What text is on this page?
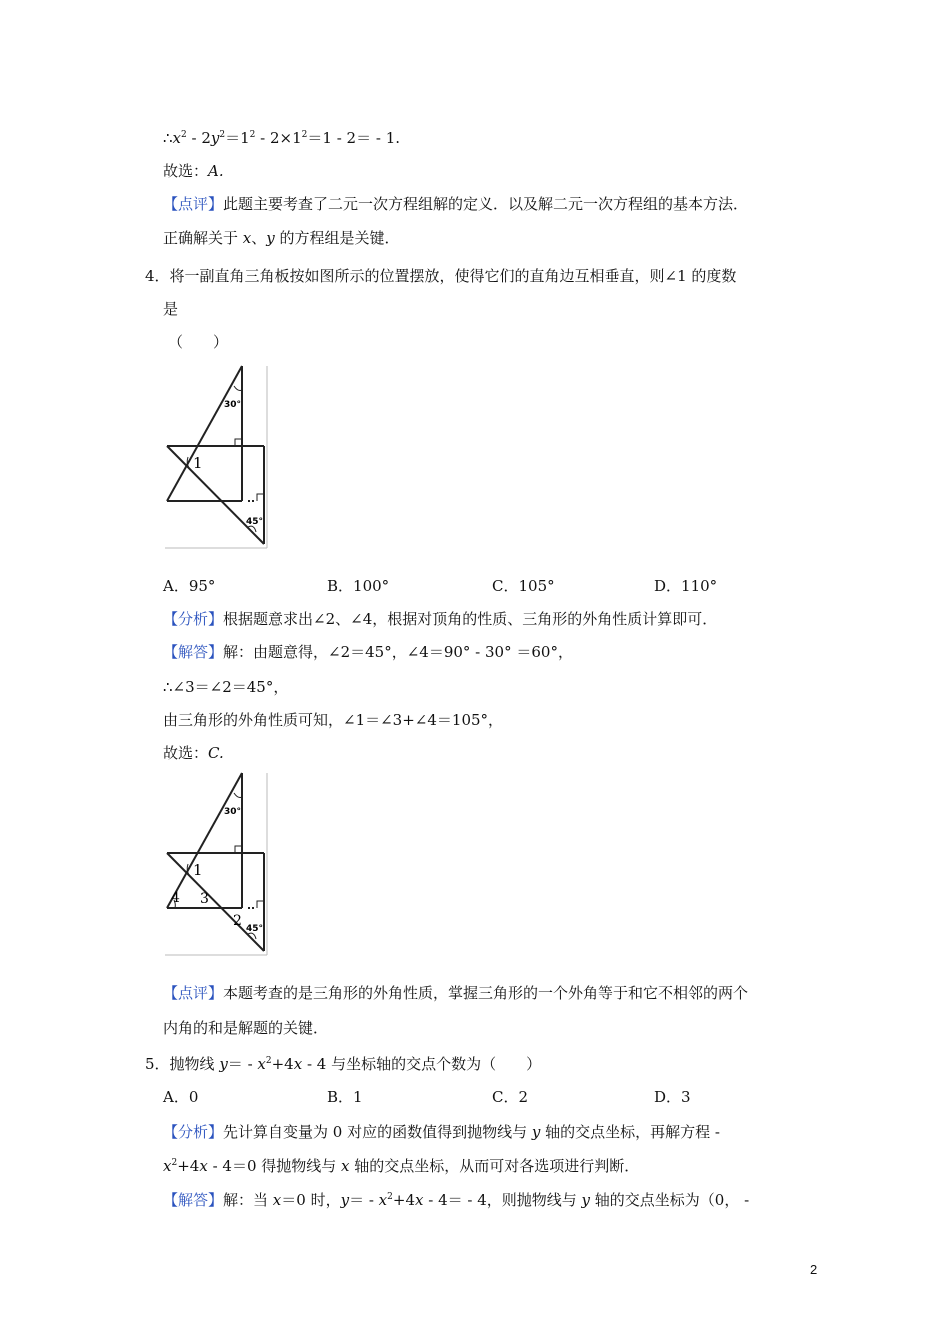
$\therefore x^2 - 2y^2=1^2 - 2\times 1^2=1 - 2= - 1$.
故选：A.
【点评】此题主要考查了二元一次方程组解的定义．以及解二元一次方程组的基本方法．
正确解关于 x、y 的方程组是关键．
4．将一副直角三角板按如图所示的位置摆放，使得它们的直角边互相垂直，则∠1 的度数
是
（　　）
30°
45°
1
A．95°	B．100°	C．105°	D．110°
【分析】根据题意求出∠2、∠4，根据对顶角的性质、三角形的外角性质计算即可．
【解答】解：由题意得，∠2＝45°，∠4＝90° - 30° ＝60°，
∴∠3＝∠2＝45°，
由三角形的外角性质可知，∠1＝∠3+∠4＝105°，
故选：C.
30°
45°
1
2
3
4
【点评】本题考查的是三角形的外角性质，掌握三角形的一个外角等于和它不相邻的两个
内角的和是解题的关键．
5．抛物线 $y= - x^2+4x - 4$ 与坐标轴的交点个数为（　　）
A．0	B．1	C．2	D．3
【分析】先计算自变量为 0 对应的函数值得到抛物线与 y 轴的交点坐标，再解方程 -
$x^2+4x - 4=0$ 得抛物线与 x 轴的交点坐标，从而可对各选项进行判断．
【解答】解：当 x＝0 时，$y= - x^2+4x - 4= - 4$，则抛物线与 y 轴的交点坐标为（0， -
2
